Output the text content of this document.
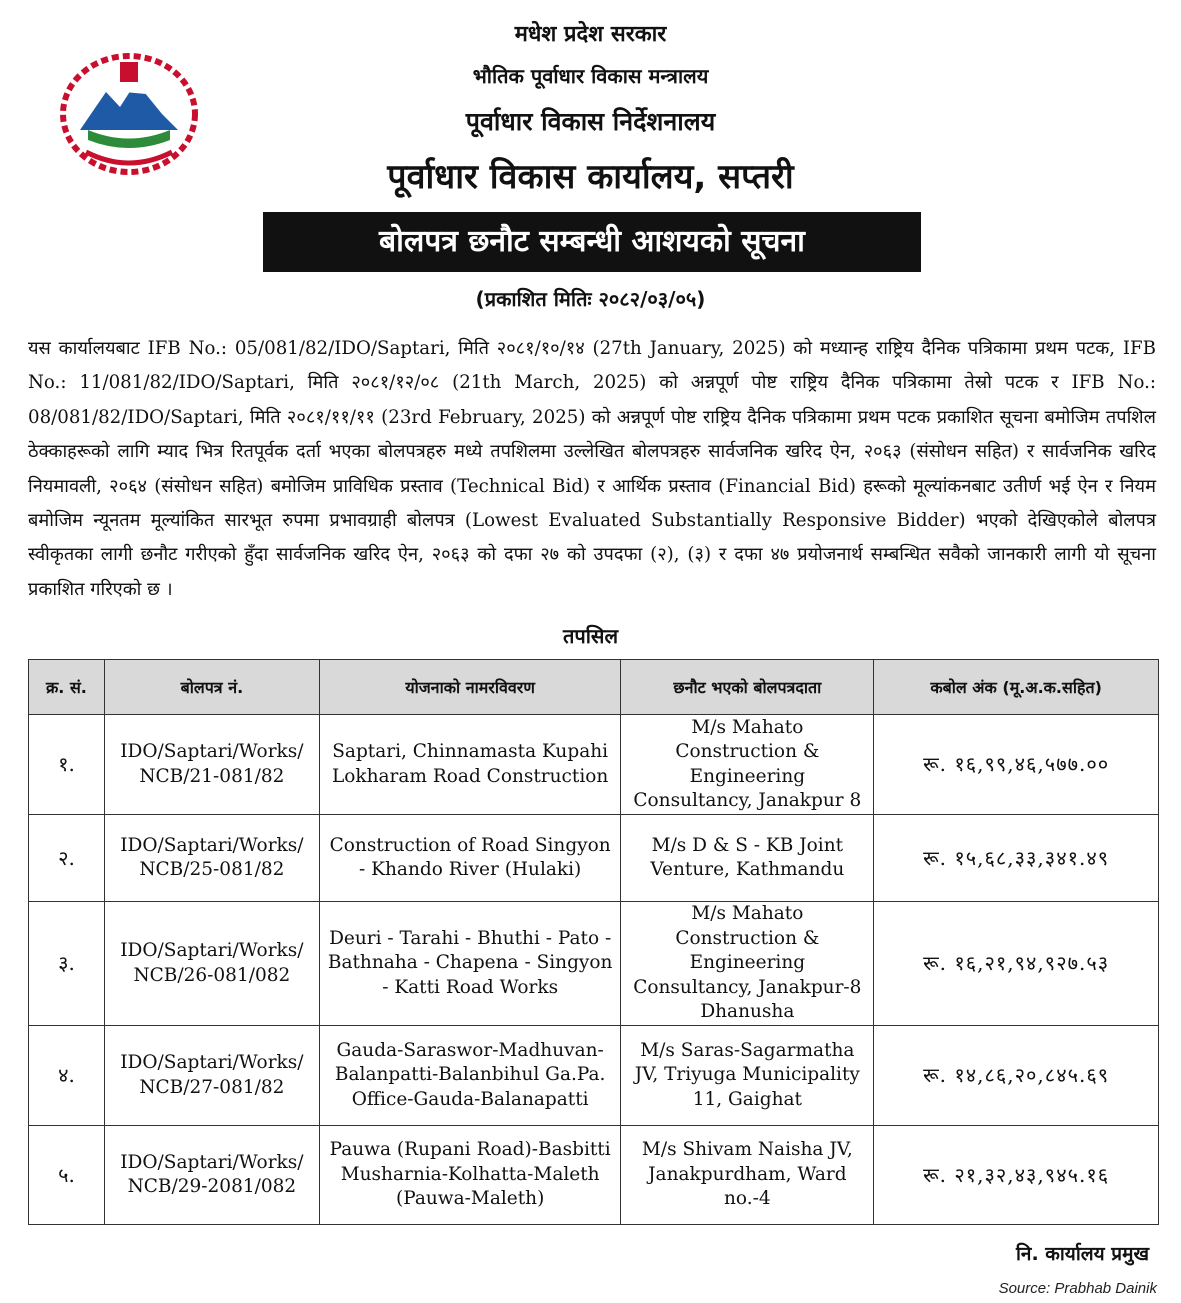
मधेश प्रदेश सरकार
भौतिक पूर्वाधार विकास मन्त्रालय
पूर्वाधार विकास निर्देशनालय
पूर्वाधार विकास कार्यालय, सप्तरी
बोलपत्र छनौट सम्बन्धी आशयको सूचना
(प्रकाशित मितिः २०८२/०३/०५)
यस कार्यालयबाट IFB No.: 05/081/82/IDO/Saptari, मिति २०८१/१०/१४ (27th January, 2025) को मध्यान्ह राष्ट्रिय दैनिक पत्रिकामा प्रथम पटक, IFB No.: 11/081/82/IDO/Saptari, मिति २०८१/१२/०८ (21th March, 2025) को अन्नपूर्ण पोष्ट राष्ट्रिय दैनिक पत्रिकामा तेस्रो पटक र IFB No.: 08/081/82/IDO/Saptari, मिति २०८१/११/११ (23rd February, 2025) को अन्नपूर्ण पोष्ट राष्ट्रिय दैनिक पत्रिकामा प्रथम पटक प्रकाशित सूचना बमोजिम तपशिल ठेक्काहरूको लागि म्याद भित्र रितपूर्वक दर्ता भएका बोलपत्रहरु मध्ये तपशिलमा उल्लेखित बोलपत्रहरु सार्वजनिक खरिद ऐन, २०६३ (संसोधन सहित) र सार्वजनिक खरिद नियमावली, २०६४ (संसोधन सहित) बमोजिम प्राविधिक प्रस्ताव (Technical Bid) र आर्थिक प्रस्ताव (Financial Bid) हरूको मूल्यांकनबाट उतीर्ण भई ऐन र नियम बमोजिम न्यूनतम मूल्यांकित सारभूत रुपमा प्रभावग्राही बोलपत्र (Lowest Evaluated Substantially Responsive Bidder) भएको देखिएकोले बोलपत्र स्वीकृतका लागी छनौट गरीएको हुँदा सार्वजनिक खरिद ऐन, २०६३ को दफा २७ को उपदफा (२), (३) र दफा ४७ प्रयोजनार्थ सम्बन्धित सवैको जानकारी लागी यो सूचना प्रकाशित गरिएको छ ।
तपसिल
क्र. सं.	बोलपत्र नं.	योजनाको नामरविवरण	छनौट भएको बोलपत्रदाता	कबोल अंक (मू.अ.क.सहित)
१.	IDO/Saptari/Works/ NCB/21-081/82	Saptari, Chinnamasta Kupahi Lokharam Road Construction	M/s Mahato Construction & Engineering Consultancy, Janakpur 8	रू. १६,९९,४६,५७७.००
२.	IDO/Saptari/Works/ NCB/25-081/82	Construction of Road Singyon - Khando River (Hulaki)	M/s D & S - KB Joint Venture, Kathmandu	रू. १५,६८,३३,३४१.४९
३.	IDO/Saptari/Works/ NCB/26-081/082	Deuri - Tarahi - Bhuthi - Pato - Bathnaha - Chapena - Singyon - Katti Road Works	M/s Mahato Construction & Engineering Consultancy, Janakpur-8 Dhanusha	रू. १६,२१,९४,९२७.५३
४.	IDO/Saptari/Works/ NCB/27-081/82	Gauda-Saraswor-Madhuvan-Balanpatti-Balanbihul Ga.Pa. Office-Gauda-Balanapatti	M/s Saras-Sagarmatha JV, Triyuga Municipality 11, Gaighat	रू. १४,८६,२०,८४५.६९
५.	IDO/Saptari/Works/ NCB/29-2081/082	Pauwa (Rupani Road)-Basbitti Musharnia-Kolhatta-Maleth (Pauwa-Maleth)	M/s Shivam Naisha JV, Janakpurdham, Ward no.-4	रू. २१,३२,४३,९४५.१६
नि. कार्यालय प्रमुख
Source: Prabhab Dainik
